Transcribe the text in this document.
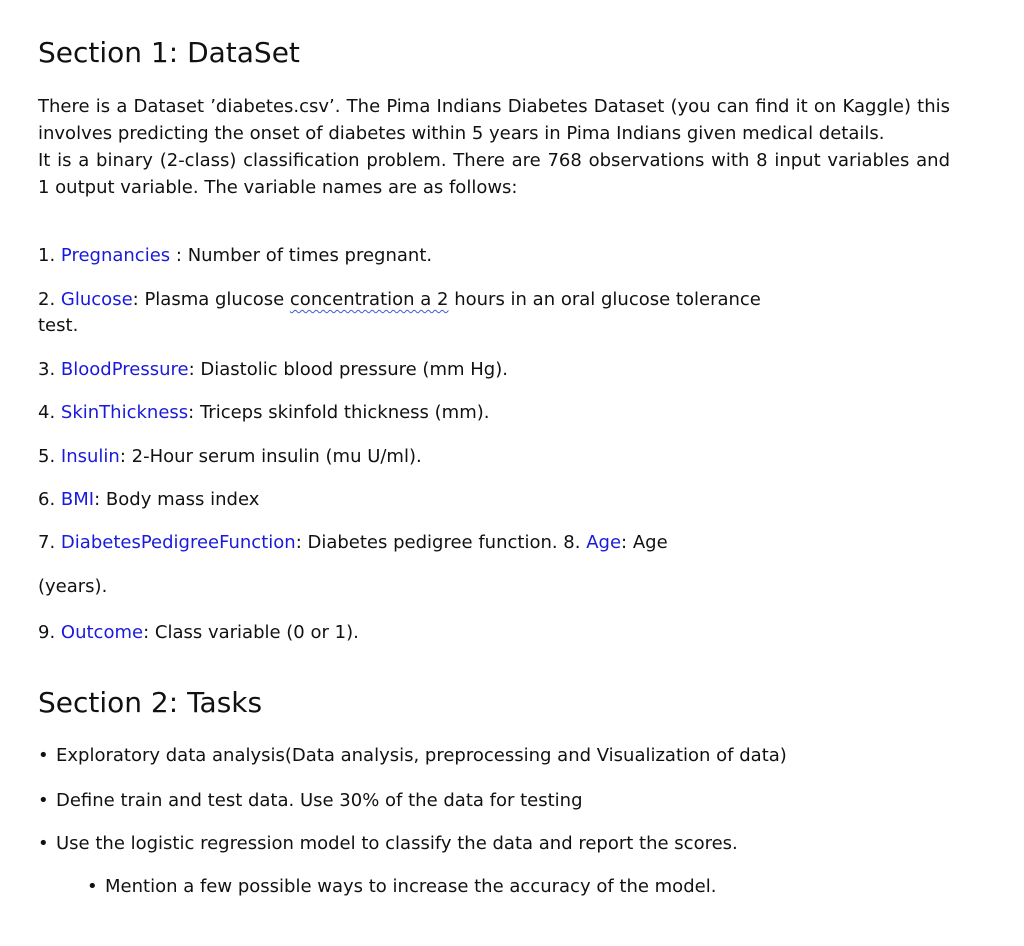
Section 1: DataSet
There is a Dataset ’diabetes.csv’. The Pima Indians Diabetes Dataset (you can find it on Kaggle) this involves predicting the onset of diabetes within 5 years in Pima Indians given medical details.
It is a binary (2-class) classification problem. There are 768 observations with 8 input variables and 1 output variable. The variable names are as follows:
1. Pregnancies : Number of times pregnant.
2. Glucose: Plasma glucose concentration a 2 hours in an oral glucose tolerance
test.
3. BloodPressure: Diastolic blood pressure (mm Hg).
4. SkinThickness: Triceps skinfold thickness (mm).
5. Insulin: 2-Hour serum insulin (mu U/ml).
6. BMI: Body mass index
7. DiabetesPedigreeFunction: Diabetes pedigree function. 8. Age: Age
(years).
9. Outcome: Class variable (0 or 1).
Section 2: Tasks
• Exploratory data analysis(Data analysis, preprocessing and Visualization of data)
• Define train and test data. Use 30% of the data for testing
• Use the logistic regression model to classify the data and report the scores.
• Mention a few possible ways to increase the accuracy of the model.
